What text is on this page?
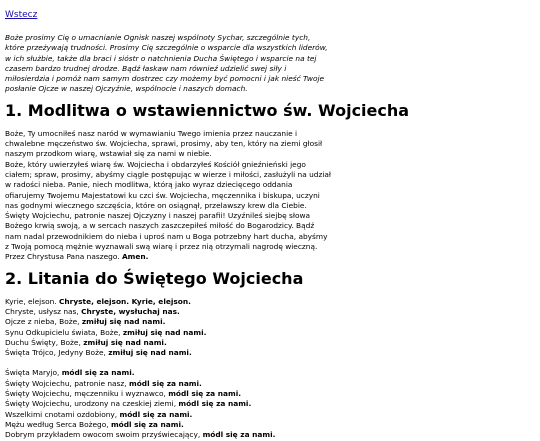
Wstecz

Boże prosimy Cię o umacnianie Ognisk naszej wspólnoty Sychar, szczególnie tych,
które przeżywają trudności. Prosimy Cię szczególnie o wsparcie dla wszystkich liderów,
w ich służbie, także dla braci i sióstr o natchnienia Ducha Świętego i wsparcie na tej
czasem bardzo trudnej drodze. Bądź łaskaw nam równieź udzielić swej siły i
miłosierdzia i pomóż nam samym dostrzec czy możemy być pomocni i jak nieść Twoje
posłanie Ojcze w naszej Ojczyźnie, wspólnocie i naszych domach.

1. Modlitwa o wstawiennictwo św. Wojciecha

Boże, Ty umocniłeś nasz naród w wymawianiu Twego imienia przez nauczanie i
chwalebne męczeństwo św. Wojciecha, sprawi, prosimy, aby ten, który na ziemi głosił
naszym przodkom wiarę, wstawiał się za nami w niebie.
Boże, który uwierzyłeś wiarę św. Wojciecha i obdarzyłeś Kościół gnieźnieński jego
ciałem; spraw, prosimy, abyśmy ciągle postępując w wierze i miłości, zasłużyli na udział
w radości nieba. Panie, niech modlitwa, którą jako wyraz dziecięcego oddania
ofiarujemy Twojemu Majestatowi ku czci św. Wojciecha, męczennika i biskupa, uczyni
nas godnymi wiecznego szczęścia, które on osiągnął, przelawszy krew dla Ciebie.
Święty Wojciechu, patronie naszej Ojczyzny i naszej parafii! Uzyźnileś siejbę słowa
Bożego krwią swoją, a w sercach naszych zaszczepiłeś miłość do Bogarodzicy. Bądź
nam nadal przewodnikiem do nieba i uproś nam u Boga potrzebny hart ducha, abyśmy
z Twoją pomocą mężnie wyznawali swą wiarę i przez nią otrzymali nagrodę wieczną.
Przez Chrystusa Pana naszego. Amen.

2. Litania do Świętego Wojciecha
Kyrie, elejson. Chryste, elejson. Kyrie, elejson.
Chryste, usłysz nas, Chryste, wysłuchaj nas.
Ojcze z nieba, Boże, zmiłuj się nad nami.
Synu Odkupicielu świata, Boże, zmiłuj się nad nami.
Duchu Święty, Boże, zmiłuj się nad nami.
Święta Trójco, Jedyny Boże, zmiłuj się nad nami.
Święta Maryjo, módl się za nami.
Święty Wojciechu, patronie nasz, módl się za nami.
Święty Wojciechu, męczenniku i wyznawco, módl się za nami.
Święty Wojciechu, urodzony na czeskiej ziemi, módl się za nami.
Wszelkimi cnotami ozdobiony, módl się za nami.
Mężu według Serca Bożego, módl się za nami.
Dobrym przykładem owocom swoim przyświecający, módl się za nami.
